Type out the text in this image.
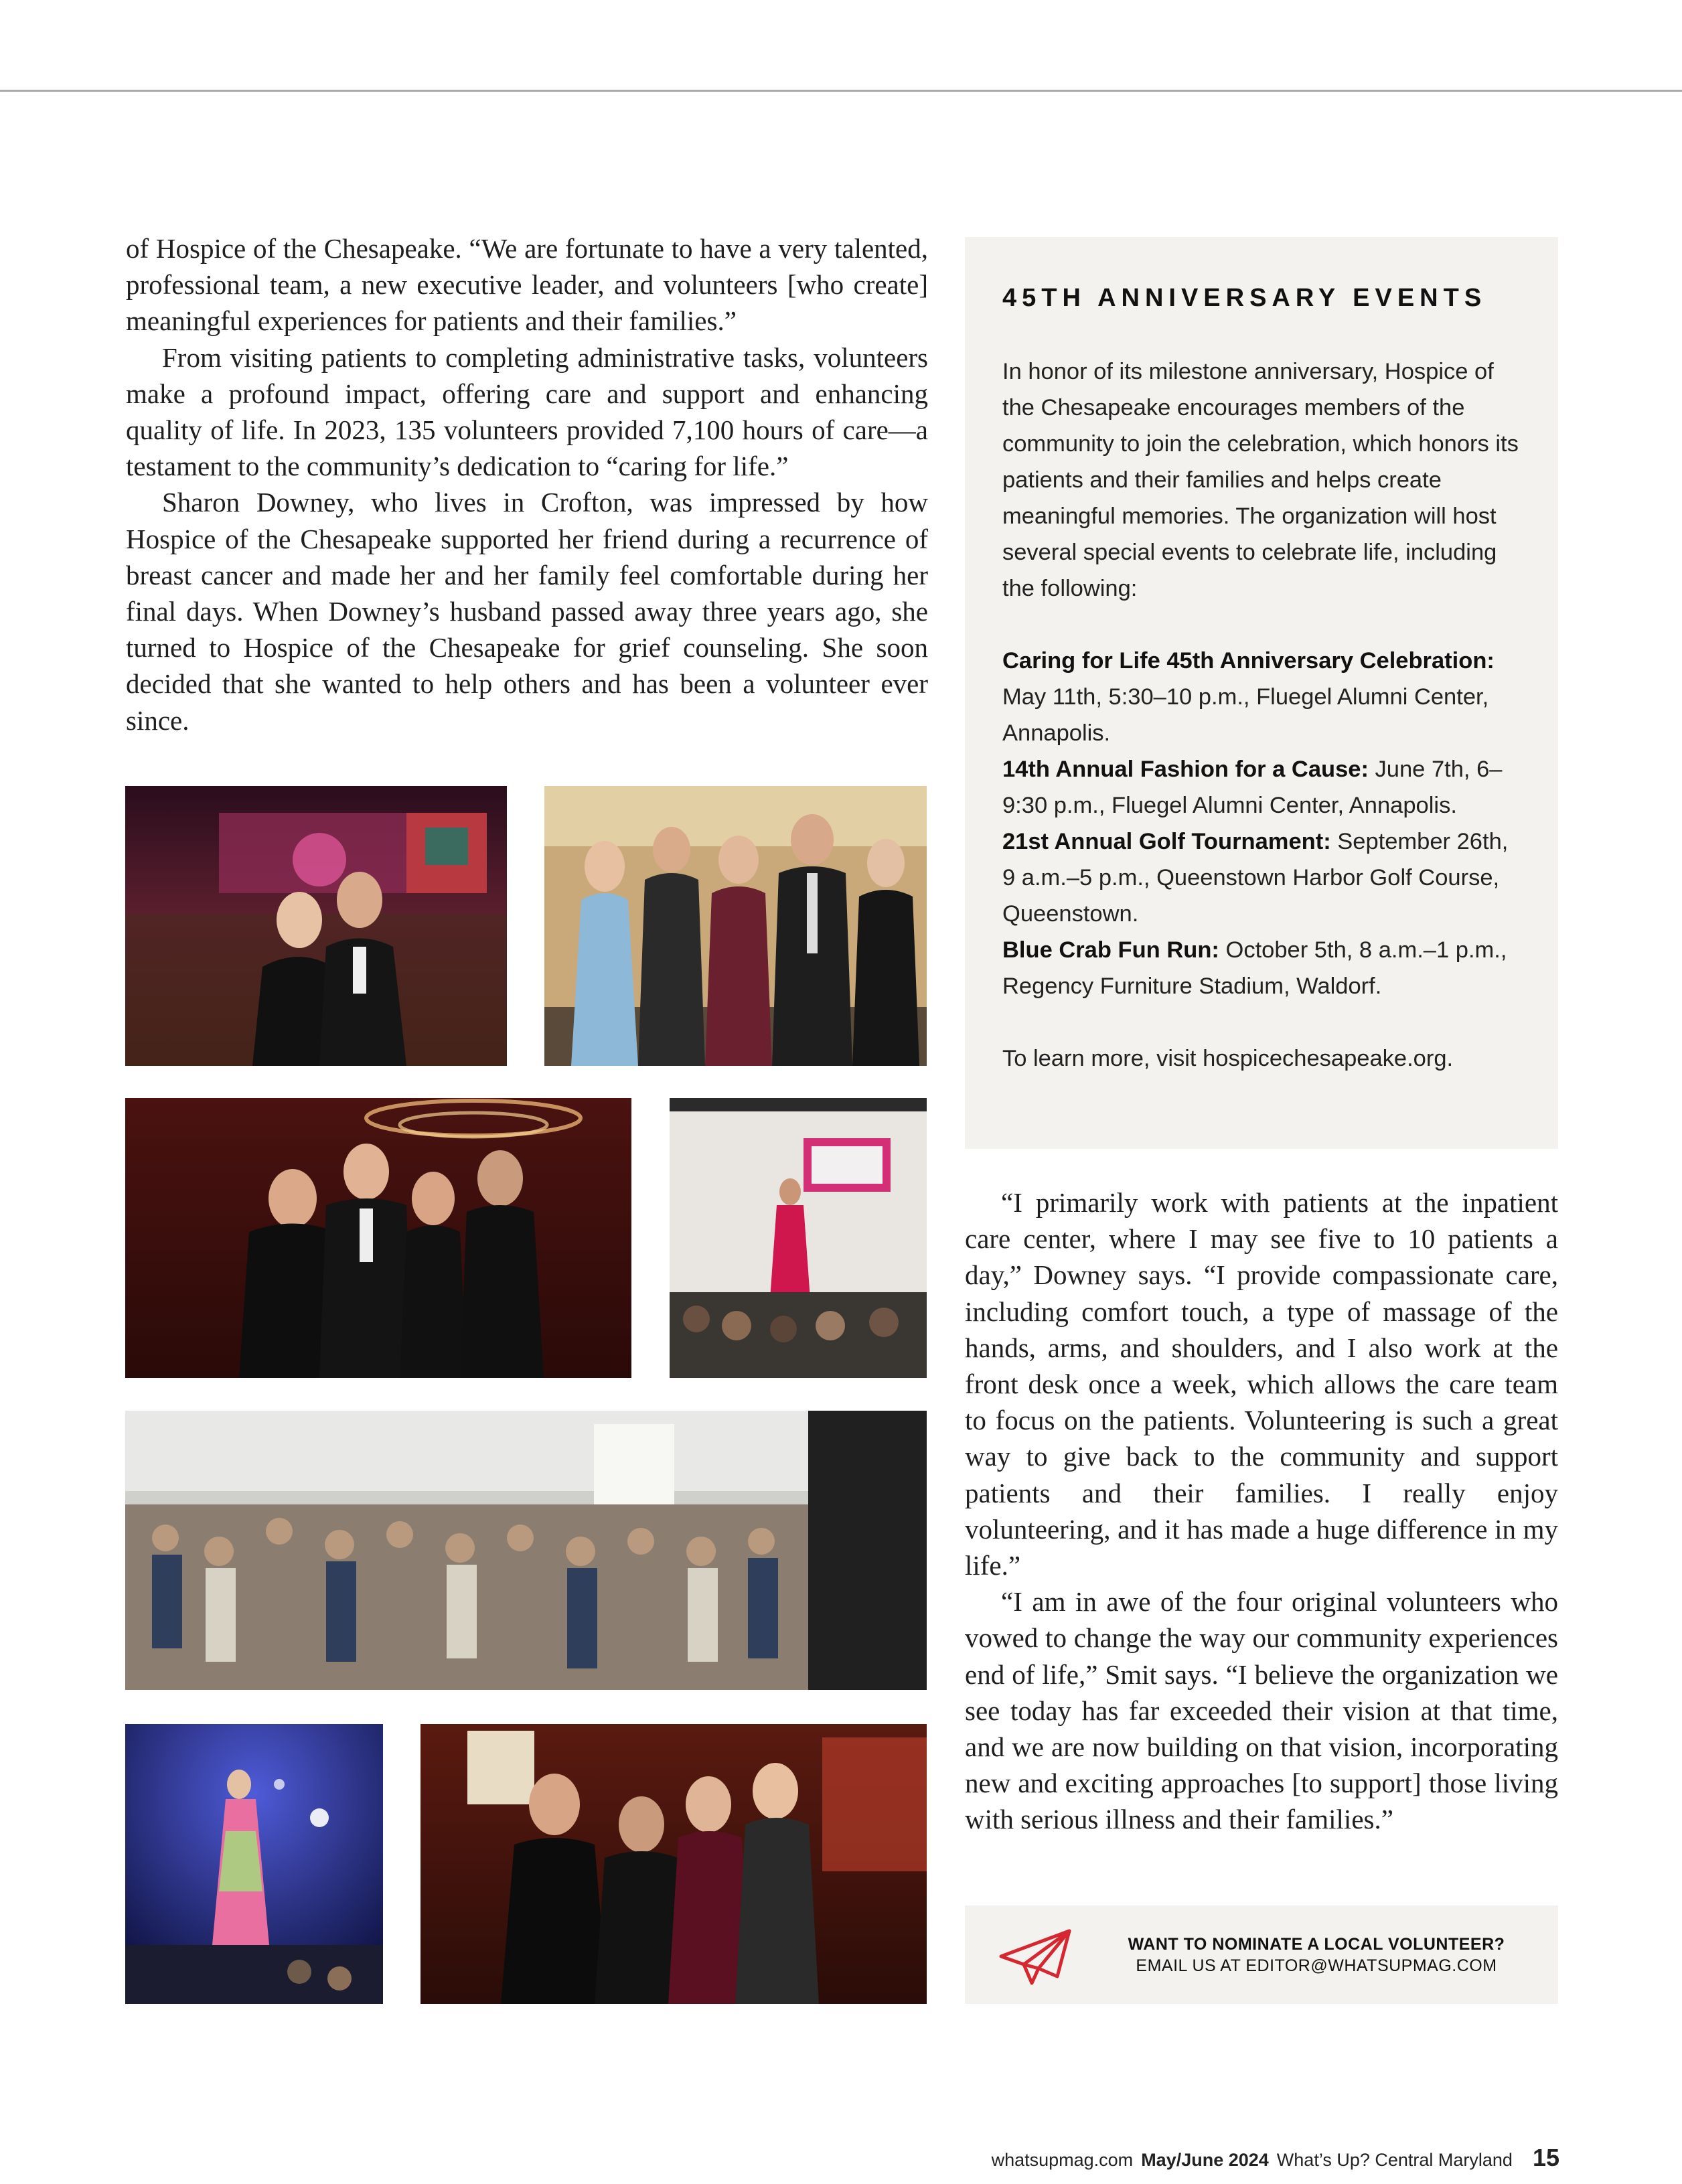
of Hospice of the Chesapeake. “We are fortunate to have a very talented, professional team, a new executive leader, and volunteers [who create] meaningful experiences for patients and their families.”

From visiting patients to completing administrative tasks, volunteers make a profound impact, offering care and support and enhancing quality of life. In 2023, 135 volunteers provided 7,100 hours of care—a testament to the community’s dedication to “caring for life.”

Sharon Downey, who lives in Crofton, was impressed by how Hospice of the Chesapeake supported her friend during a recurrence of breast cancer and made her and her family feel comfortable during her final days. When Downey’s husband passed away three years ago, she turned to Hospice of the Chesapeake for grief counseling. She soon decided that she wanted to help others and has been a volunteer ever since.

45TH ANNIVERSARY EVENTS

In honor of its milestone anniversary, Hospice of the Chesapeake encourages members of the community to join the celebration, which honors its patients and their families and helps create meaningful memories. The organization will host several special events to celebrate life, including the following:

Caring for Life 45th Anniversary Celebration: May 11th, 5:30–10 p.m., Fluegel Alumni Center, Annapolis.

14th Annual Fashion for a Cause: June 7th, 6–9:30 p.m., Fluegel Alumni Center, Annapolis.

21st Annual Golf Tournament: September 26th, 9 a.m.–5 p.m., Queenstown Harbor Golf Course, Queenstown.

Blue Crab Fun Run: October 5th, 8 a.m.–1 p.m., Regency Furniture Stadium, Waldorf.

To learn more, visit hospicechesapeake.org.

“I primarily work with patients at the inpatient care center, where I may see five to 10 patients a day,” Downey says. “I provide compassionate care, including comfort touch, a type of massage of the hands, arms, and shoulders, and I also work at the front desk once a week, which allows the care team to focus on the patients. Volunteering is such a great way to give back to the community and support patients and their families. I really enjoy volunteering, and it has made a huge difference in my life.”

“I am in awe of the four original volunteers who vowed to change the way our community experiences end of life,” Smit says. “I believe the organization we see today has far exceeded their vision at that time, and we are now building on that vision, incorporating new and exciting approaches [to support] those living with serious illness and their families.”

WANT TO NOMINATE A LOCAL VOLUNTEER?
EMAIL US AT EDITOR@WHATSUPMAG.COM
whatsupmag.com May/June 2024 What’s Up? Central Maryland 15
